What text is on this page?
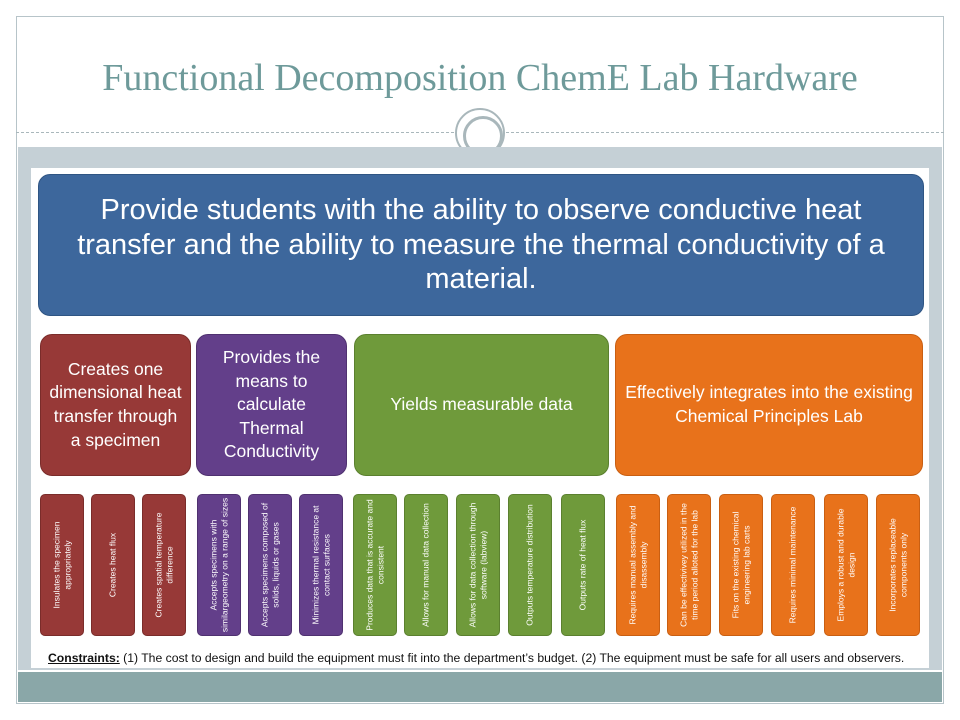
Functional Decomposition ChemE Lab Hardware
Provide students with the ability to observe conductive heat transfer and the ability to measure the thermal conductivity of a material.
Creates one dimensional heat transfer through a specimen
Provides the means to calculate Thermal Conductivity
Yields measurable data
Effectively integrates into the existing Chemical Principles Lab
Insulates the specimen appropriately	Creates heat flux	Creates spatial temperature difference	Accepts specimens with similargeometry on a range of sizes	Accepts specimens composed of solids, liquids or gases	Minimizes thermal resistance at contact surfaces	Produces data that is accurate and consistent	Allows for manual data collection	Allows for data collection through software (labview)	Outputs temperature distribution	Outputs rate of heat flux	Requires manual assembly and disassembly	Can be effectivivey utilized in the time period alloted for the lab	Fits on the existing chemical engineering lab carts	Requires minimal maintenance	Employs a robust and durable design	Incorporates replaceable components only
Constraints: (1) The cost to design and build the equipment must fit into the department’s budget. (2) The equipment must be safe for all users and observers.
